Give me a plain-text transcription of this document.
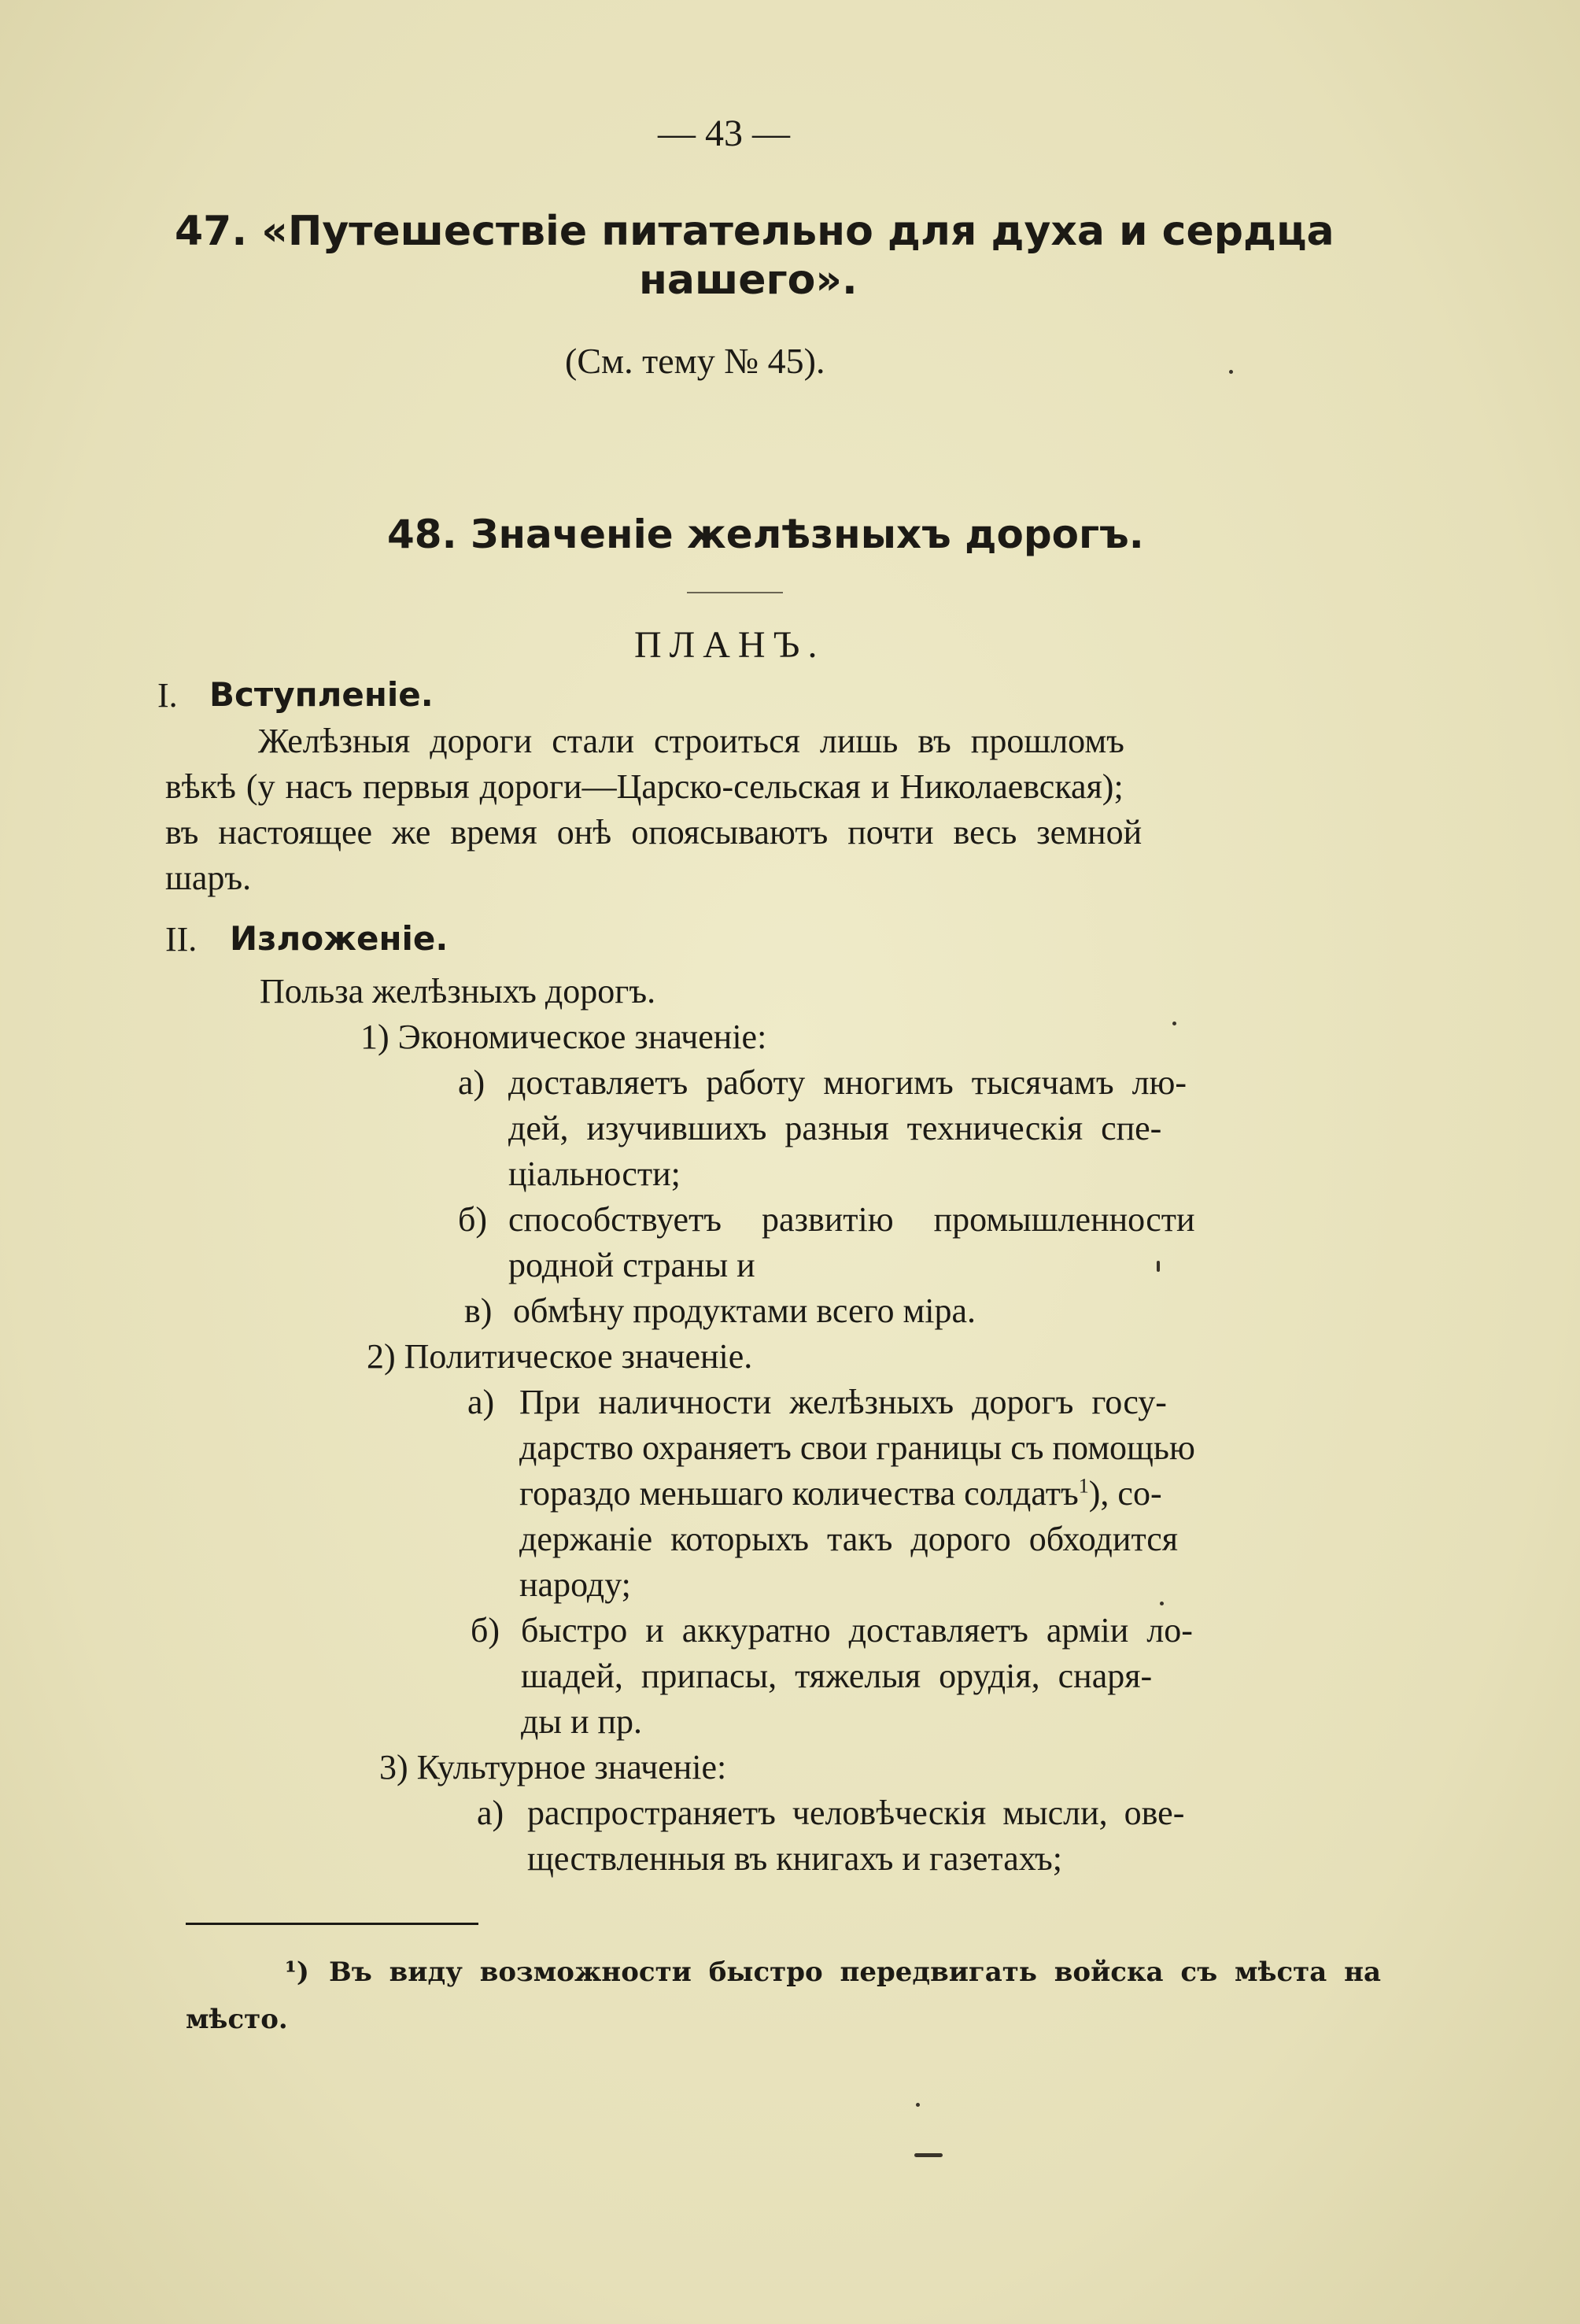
— 43 —
47. «Путешествіе питательно для духа и сердца
нашего».
(См. тему № 45).
48. Значеніе желѣзныхъ дорогъ.
ПЛАНЪ.
I. Вступленіе.
Желѣзныя дороги стали строиться лишь въ прошломъ
вѣкѣ (у насъ первыя дороги—Царско-сельская и Николаевская);
въ настоящее же время онѣ опоясываютъ почти весь земной
шаръ.
II. Изложеніе.
Польза желѣзныхъ дорогъ.
1) Экономическое значеніе:
а) доставляетъ работу многимъ тысячамъ лю-
дей, изучившихъ разныя техническія спе-
ціальности;
б) способствуетъ развитію промышленности
родной страны и
в) обмѣну продуктами всего міра.
2) Политическое значеніе.
а) При наличности желѣзныхъ дорогъ госу-
дарство охраняетъ свои границы съ помощью
гораздо меньшаго количества солдатъ$^1$), со-
держаніе которыхъ такъ дорого обходится
народу;
б) быстро и аккуратно доставляетъ арміи ло-
шадей, припасы, тяжелыя орудія, снаря-
ды и пр.
3) Культурное значеніе:
а) распространяетъ человѣческія мысли, ове-
ществленныя въ книгахъ и газетахъ;
¹) Въ виду возможности быстро передвигать войска съ мѣста на
мѣсто.
